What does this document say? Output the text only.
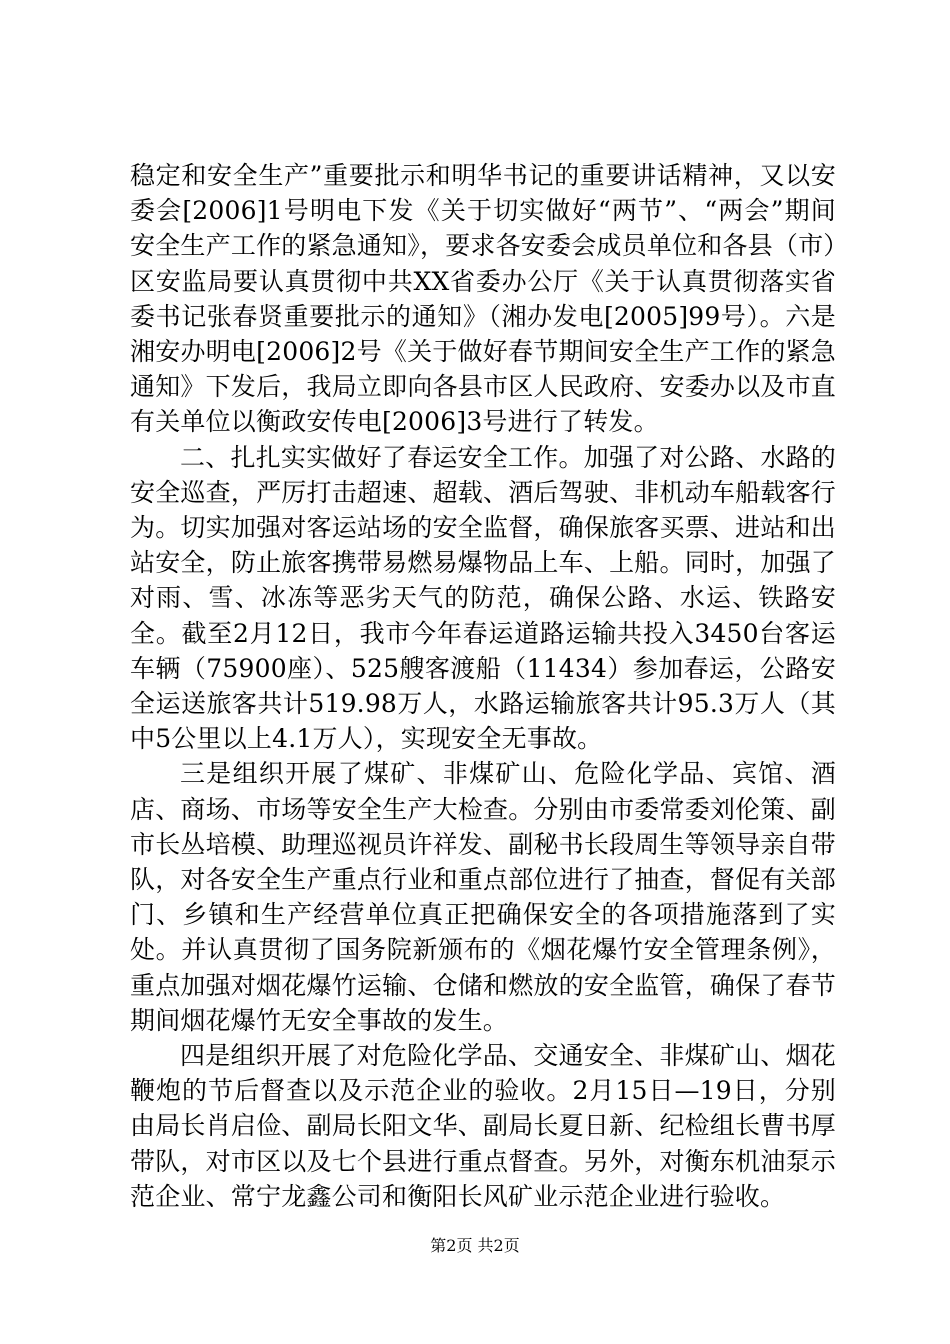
稳定和安全生产”重要批示和明华书记的重要讲话精神，又以安委会[2006]1号明电下发《关于切实做好“两节”、“两会”期间安全生产工作的紧急通知》，要求各安委会成员单位和各县（市）区安监局要认真贯彻中共XX省委办公厅《关于认真贯彻落实省委书记张春贤重要批示的通知》（湘办发电[2005]99号）。六是湘安办明电[2006]2号《关于做好春节期间安全生产工作的紧急通知》下发后，我局立即向各县市区人民政府、安委办以及市直有关单位以衡政安传电[2006]3号进行了转发。

二、扎扎实实做好了春运安全工作。加强了对公路、水路的安全巡查，严厉打击超速、超载、酒后驾驶、非机动车船载客行为。切实加强对客运站场的安全监督，确保旅客买票、进站和出站安全，防止旅客携带易燃易爆物品上车、上船。同时，加强了对雨、雪、冰冻等恶劣天气的防范，确保公路、水运、铁路安全。截至2月12日，我市今年春运道路运输共投入3450台客运车辆（75900座）、525艘客渡船（11434）参加春运，公路安全运送旅客共计519.98万人，水路运输旅客共计95.3万人（其中5公里以上4.1万人），实现安全无事故。

三是组织开展了煤矿、非煤矿山、危险化学品、宾馆、酒店、商场、市场等安全生产大检查。分别由市委常委刘伦策、副市长丛培模、助理巡视员许祥发、副秘书长段周生等领导亲自带队，对各安全生产重点行业和重点部位进行了抽查，督促有关部门、乡镇和生产经营单位真正把确保安全的各项措施落到了实处。并认真贯彻了国务院新颁布的《烟花爆竹安全管理条例》，重点加强对烟花爆竹运输、仓储和燃放的安全监管，确保了春节期间烟花爆竹无安全事故的发生。

四是组织开展了对危险化学品、交通安全、非煤矿山、烟花鞭炮的节后督查以及示范企业的验收。2月15日—19日，分别由局长肖启俭、副局长阳文华、副局长夏日新、纪检组长曹书厚带队，对市区以及七个县进行重点督查。另外，对衡东机油泵示范企业、常宁龙鑫公司和衡阳长风矿业示范企业进行验收。

第2页 共2页
